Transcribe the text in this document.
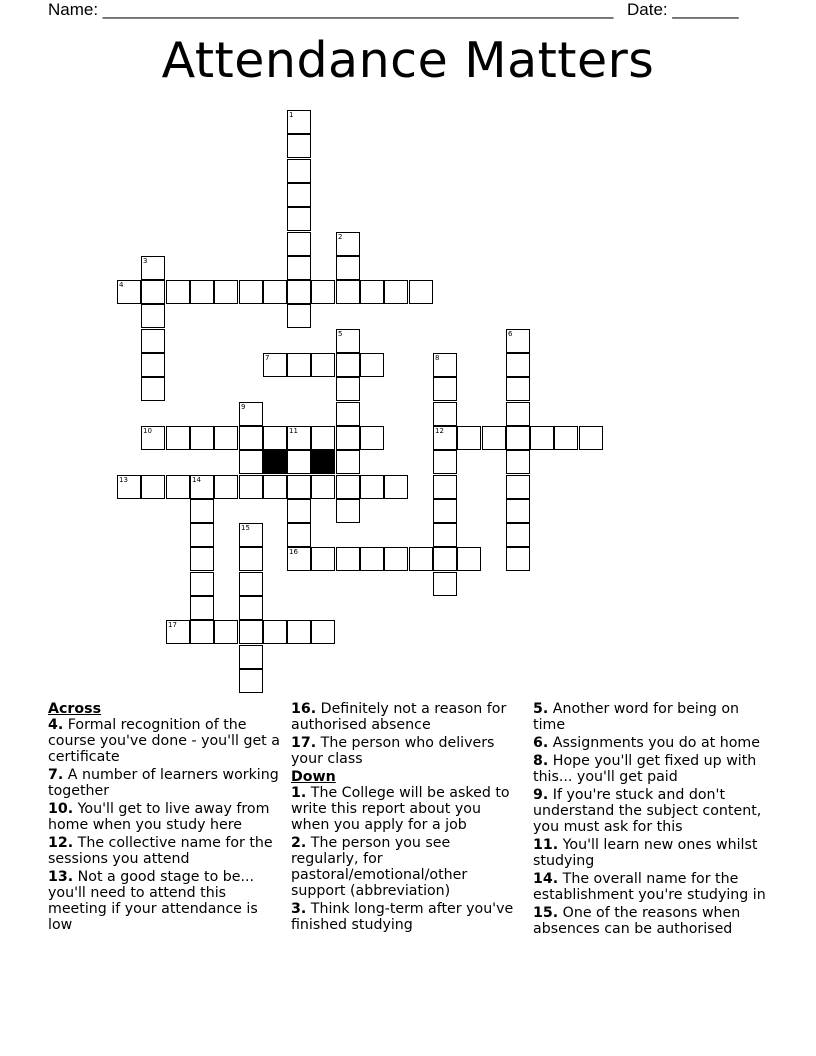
Name: ______________________________________________________ Date: _______
Attendance Matters
1
2
3
4
5	6
7	8
12
9
10	11
13	14
15
16
17
Across
4. Formal recognition of the course you've done - you'll get a certificate
7. A number of learners working together
10. You'll get to live away from home when you study here
12. The collective name for the sessions you attend
13. Not a good stage to be... you'll need to attend this meeting if your attendance is low
16. Definitely not a reason for authorised absence
17. The person who delivers your class
Down
1. The College will be asked to write this report about you when you apply for a job
2. The person you see regularly, for pastoral/emotional/other support (abbreviation)
3. Think long-term after you've finished studying
5. Another word for being on time
6. Assignments you do at home
8. Hope you'll get fixed up with this... you'll get paid
9. If you're stuck and don't understand the subject content, you must ask for this
11. You'll learn new ones whilst studying
14. The overall name for the establishment you're studying in
15. One of the reasons when absences can be authorised
